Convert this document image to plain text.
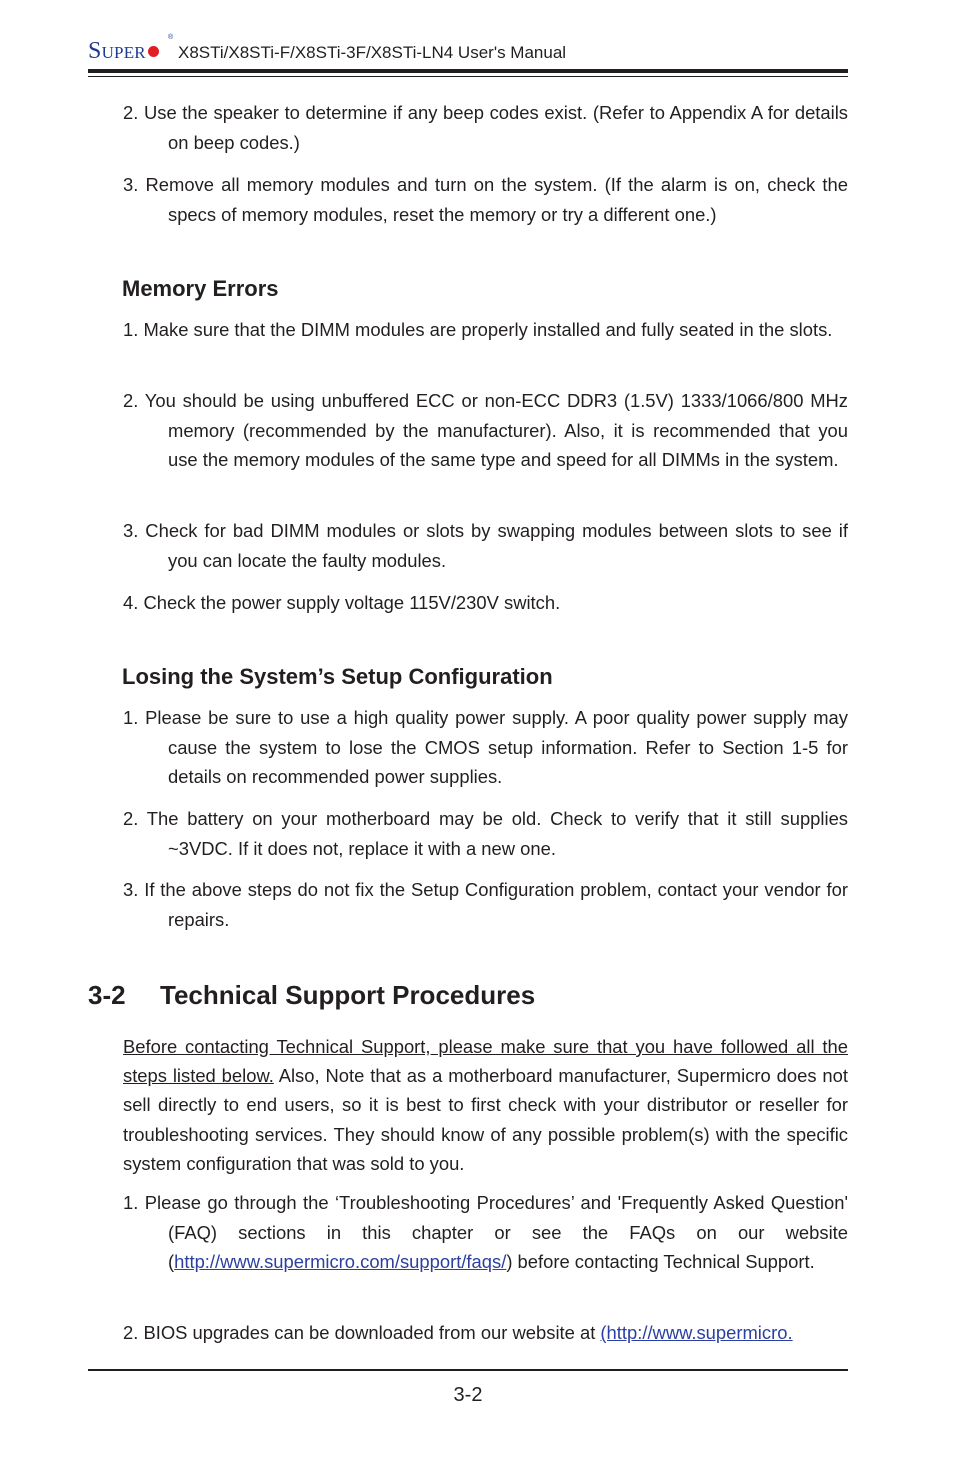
SUPER
®
X8STi/X8STi-F/X8STi-3F/X8STi-LN4 User's Manual

2. Use the speaker to determine if any beep codes exist. (Refer to Appendix A for details on beep codes.)

3. Remove all memory modules and turn on the system. (If the alarm is on, check the specs of memory modules, reset the memory or try a different one.)

Memory Errors

1. Make sure that the DIMM modules are properly installed and fully seated in the slots.

2. You should be using unbuffered ECC or non-ECC DDR3 (1.5V) 1333/1066/800 MHz memory (recommended by the manufacturer). Also, it is recommended that you use the memory modules of the same type and speed for all DIMMs in the system.

3. Check for bad DIMM modules or slots by swapping modules between slots to see if you can locate the faulty modules.

4. Check the power supply voltage 115V/230V switch.

Losing the System’s Setup Configuration

1. Please be sure to use a high quality power supply. A poor quality power supply may cause the system to lose the CMOS setup information. Refer to Section 1-5 for details on recommended power supplies.

2. The battery on your motherboard may be old. Check to verify that it still supplies ~3VDC. If it does not, replace it with a new one.

3. If the above steps do not fix the Setup Configuration problem, contact your vendor for repairs.

3-2 Technical Support Procedures

Before contacting Technical Support, please make sure that you have followed all the steps listed below. Also, Note that as a motherboard manufacturer, Supermicro does not sell directly to end users, so it is best to first check with your distributor or reseller for troubleshooting services. They should know of any possible problem(s) with the specific system configuration that was sold to you.

1. Please go through the ‘Troubleshooting Procedures’ and 'Frequently Asked Question' (FAQ) sections in this chapter or see the FAQs on our website (http://www.supermicro.com/support/faqs/) before contacting Technical Support.

2. BIOS upgrades can be downloaded from our website at (http://www.supermicro.

3-2
